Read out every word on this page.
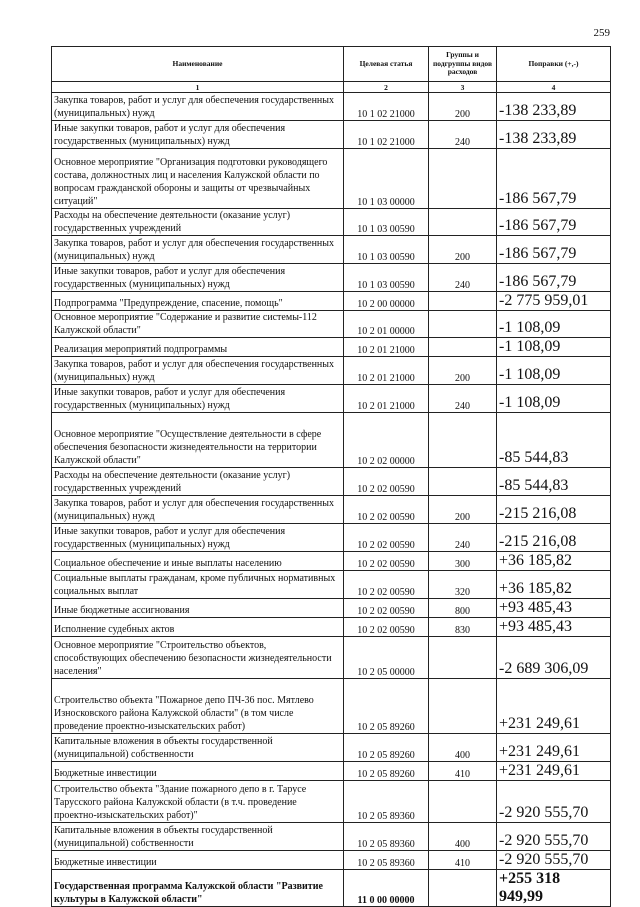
259
Наименование	Целевая статья	Группы и подгруппы видов расходов	Поправки (+,-)
1	2	3	4
Закупка товаров, работ и услуг для обеспечения государственных (муниципальных) нужд	10 1 02 21000	200	-138 233,89
Иные закупки товаров, работ и услуг для обеспечения государственных (муниципальных) нужд	10 1 02 21000	240	-138 233,89
Основное мероприятие "Организация подготовки руководящего состава, должностных лиц и населения Калужской области по вопросам гражданской обороны и защиты от чрезвычайных ситуаций"	10 1 03 00000		-186 567,79
Расходы на обеспечение деятельности (оказание услуг) государственных учреждений	10 1 03 00590		-186 567,79
Закупка товаров, работ и услуг для обеспечения государственных (муниципальных) нужд	10 1 03 00590	200	-186 567,79
Иные закупки товаров, работ и услуг для обеспечения государственных (муниципальных) нужд	10 1 03 00590	240	-186 567,79
Подпрограмма "Предупреждение, спасение, помощь"	10 2 00 00000		-2 775 959,01
Основное мероприятие "Содержание и развитие системы-112 Калужской области"	10 2 01 00000		-1 108,09
Реализация мероприятий подпрограммы	10 2 01 21000		-1 108,09
Закупка товаров, работ и услуг для обеспечения государственных (муниципальных) нужд	10 2 01 21000	200	-1 108,09
Иные закупки товаров, работ и услуг для обеспечения государственных (муниципальных) нужд	10 2 01 21000	240	-1 108,09
Основное мероприятие "Осуществление деятельности в сфере обеспечения безопасности жизнедеятельности на территории Калужской области"	10 2 02 00000		-85 544,83
Расходы на обеспечение деятельности (оказание услуг) государственных учреждений	10 2 02 00590		-85 544,83
Закупка товаров, работ и услуг для обеспечения государственных (муниципальных) нужд	10 2 02 00590	200	-215 216,08
Иные закупки товаров, работ и услуг для обеспечения государственных (муниципальных) нужд	10 2 02 00590	240	-215 216,08
Социальное обеспечение и иные выплаты населению	10 2 02 00590	300	+36 185,82
Социальные выплаты гражданам, кроме публичных нормативных социальных выплат	10 2 02 00590	320	+36 185,82
Иные бюджетные ассигнования	10 2 02 00590	800	+93 485,43
Исполнение судебных актов	10 2 02 00590	830	+93 485,43
Основное мероприятие "Строительство объектов, способствующих обеспечению безопасности жизнедеятельности населения"	10 2 05 00000		-2 689 306,09
Строительство объекта "Пожарное депо ПЧ-36 пос. Мятлево Износковского района Калужской области" (в том числе проведение проектно-изыскательских работ)	10 2 05 89260		+231 249,61
Капитальные вложения в объекты государственной (муниципальной) собственности	10 2 05 89260	400	+231 249,61
Бюджетные инвестиции	10 2 05 89260	410	+231 249,61
Строительство объекта "Здание пожарного депо в г. Тарусе Тарусского района Калужской области (в т.ч. проведение проектно-изыскательских работ)"	10 2 05 89360		-2 920 555,70
Капитальные вложения в объекты государственной (муниципальной) собственности	10 2 05 89360	400	-2 920 555,70
Бюджетные инвестиции	10 2 05 89360	410	-2 920 555,70
Государственная программа Калужской области "Развитие культуры в Калужской области"	11 0 00 00000		+255 318 949,99
